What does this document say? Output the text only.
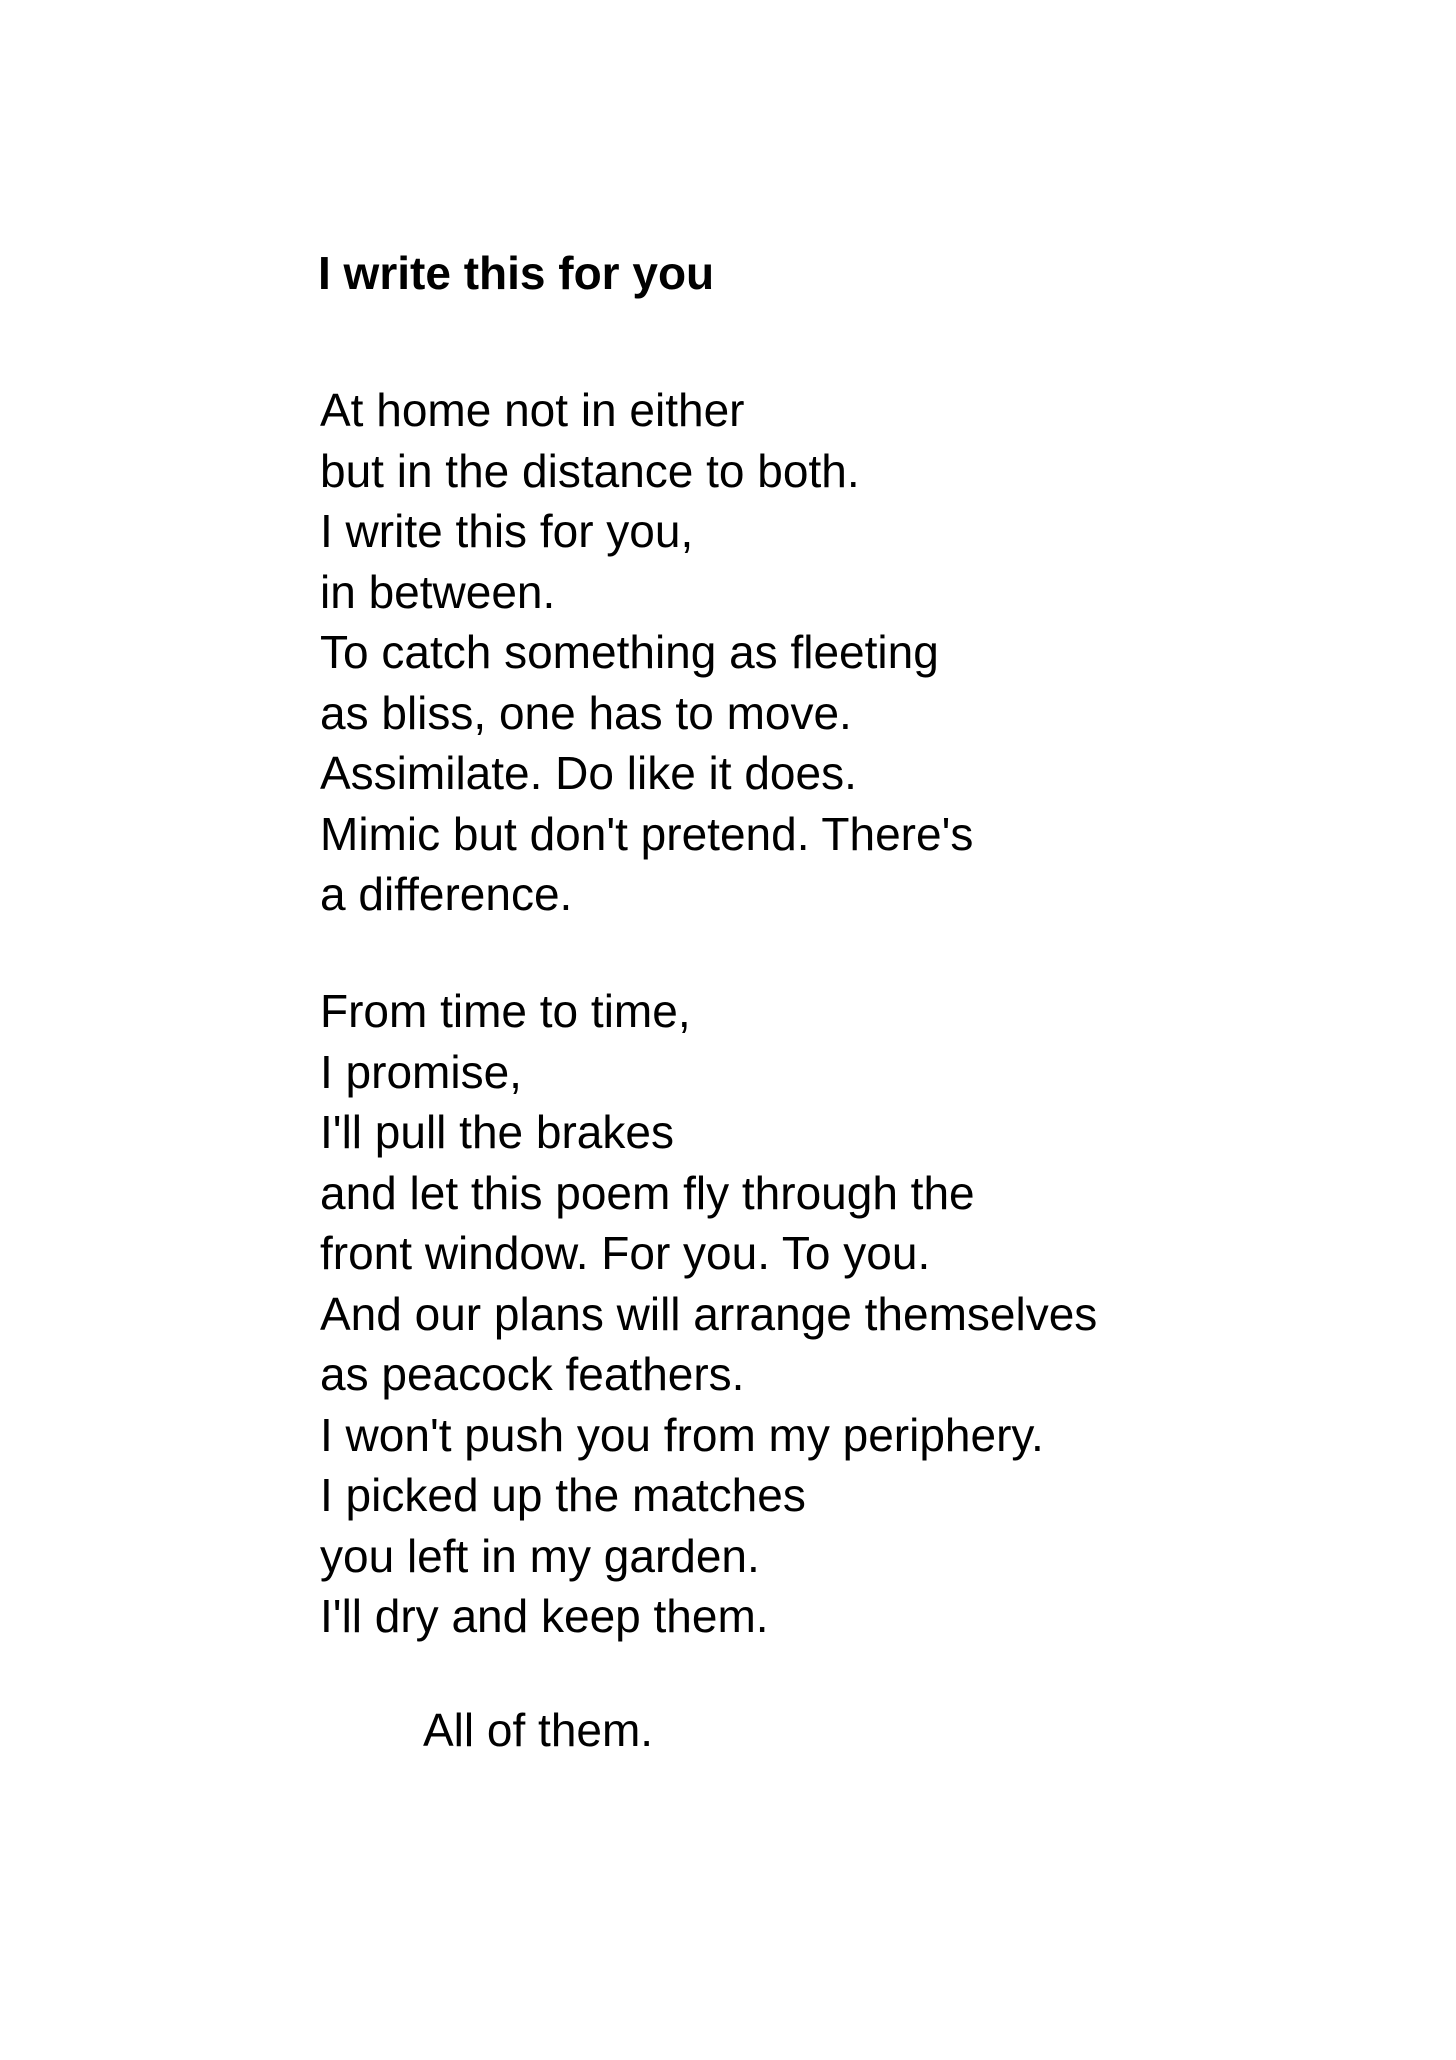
I write this for you
At home not in either
but in the distance to both.
I write this for you,
in between.
To catch something as fleeting
as bliss, one has to move.
Assimilate. Do like it does.
Mimic but don't pretend. There's
a difference.
From time to time,
I promise,
I'll pull the brakes
and let this poem fly through the
front window. For you. To you.
And our plans will arrange themselves
as peacock feathers.
I won't push you from my periphery.
I picked up the matches
you left in my garden.
I'll dry and keep them.

All of them.
